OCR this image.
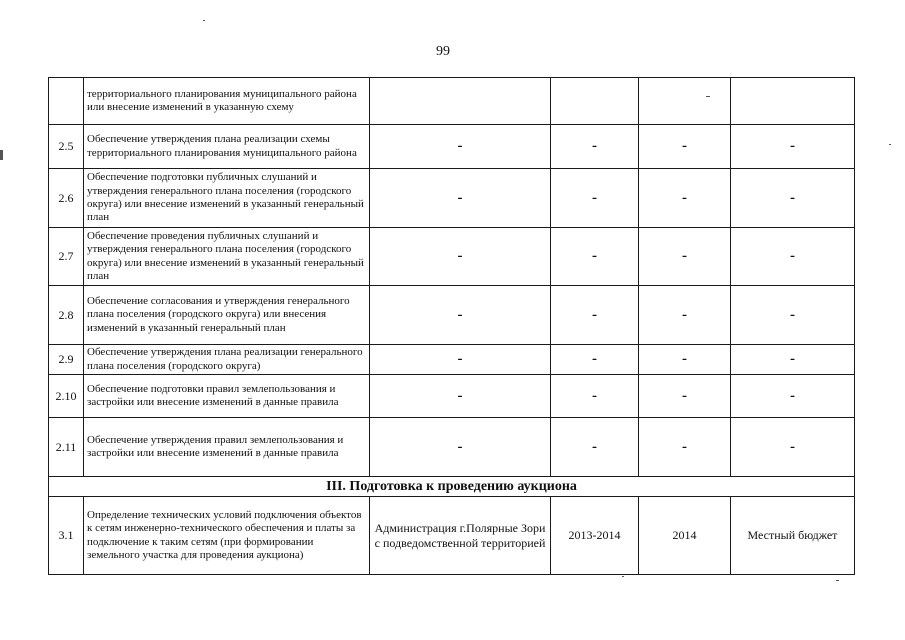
99
	территориального планирования муниципального района или внесение изменений в указанную схему				
2.5	Обеспечение утверждения плана реализации схемы территориального планирования муниципального района	-	-	-	-
2.6	Обеспечение подготовки публичных слушаний и утверждения генерального плана поселения (городского округа) или внесение изменений в указанный генеральный план	-	-	-	-
2.7	Обеспечение проведения публичных слушаний и утверждения генерального плана поселения (городского округа) или внесение изменений в указанный генеральный план	-	-	-	-
2.8	Обеспечение согласования и утверждения генерального плана поселения (городского округа) или внесения изменений в указанный генеральный план	-	-	-	-
2.9	Обеспечение утверждения плана реализации генерального плана поселения (городского округа)	-	-	-	-
2.10	Обеспечение подготовки правил землепользования и застройки или внесение изменений в данные правила	-	-	-	-
2.11	Обеспечение утверждения правил землепользования и застройки или внесение изменений в данные правила	-	-	-	-
III. Подготовка к проведению аукциона					
3.1	Определение технических условий подключения объектов к сетям инженерно-технического обеспечения и платы за подключение к таким сетям (при формировании земельного участка для проведения аукциона)	Администрация г.Полярные Зори с подведомственной территорией	2013-2014	2014	Местный бюджет
